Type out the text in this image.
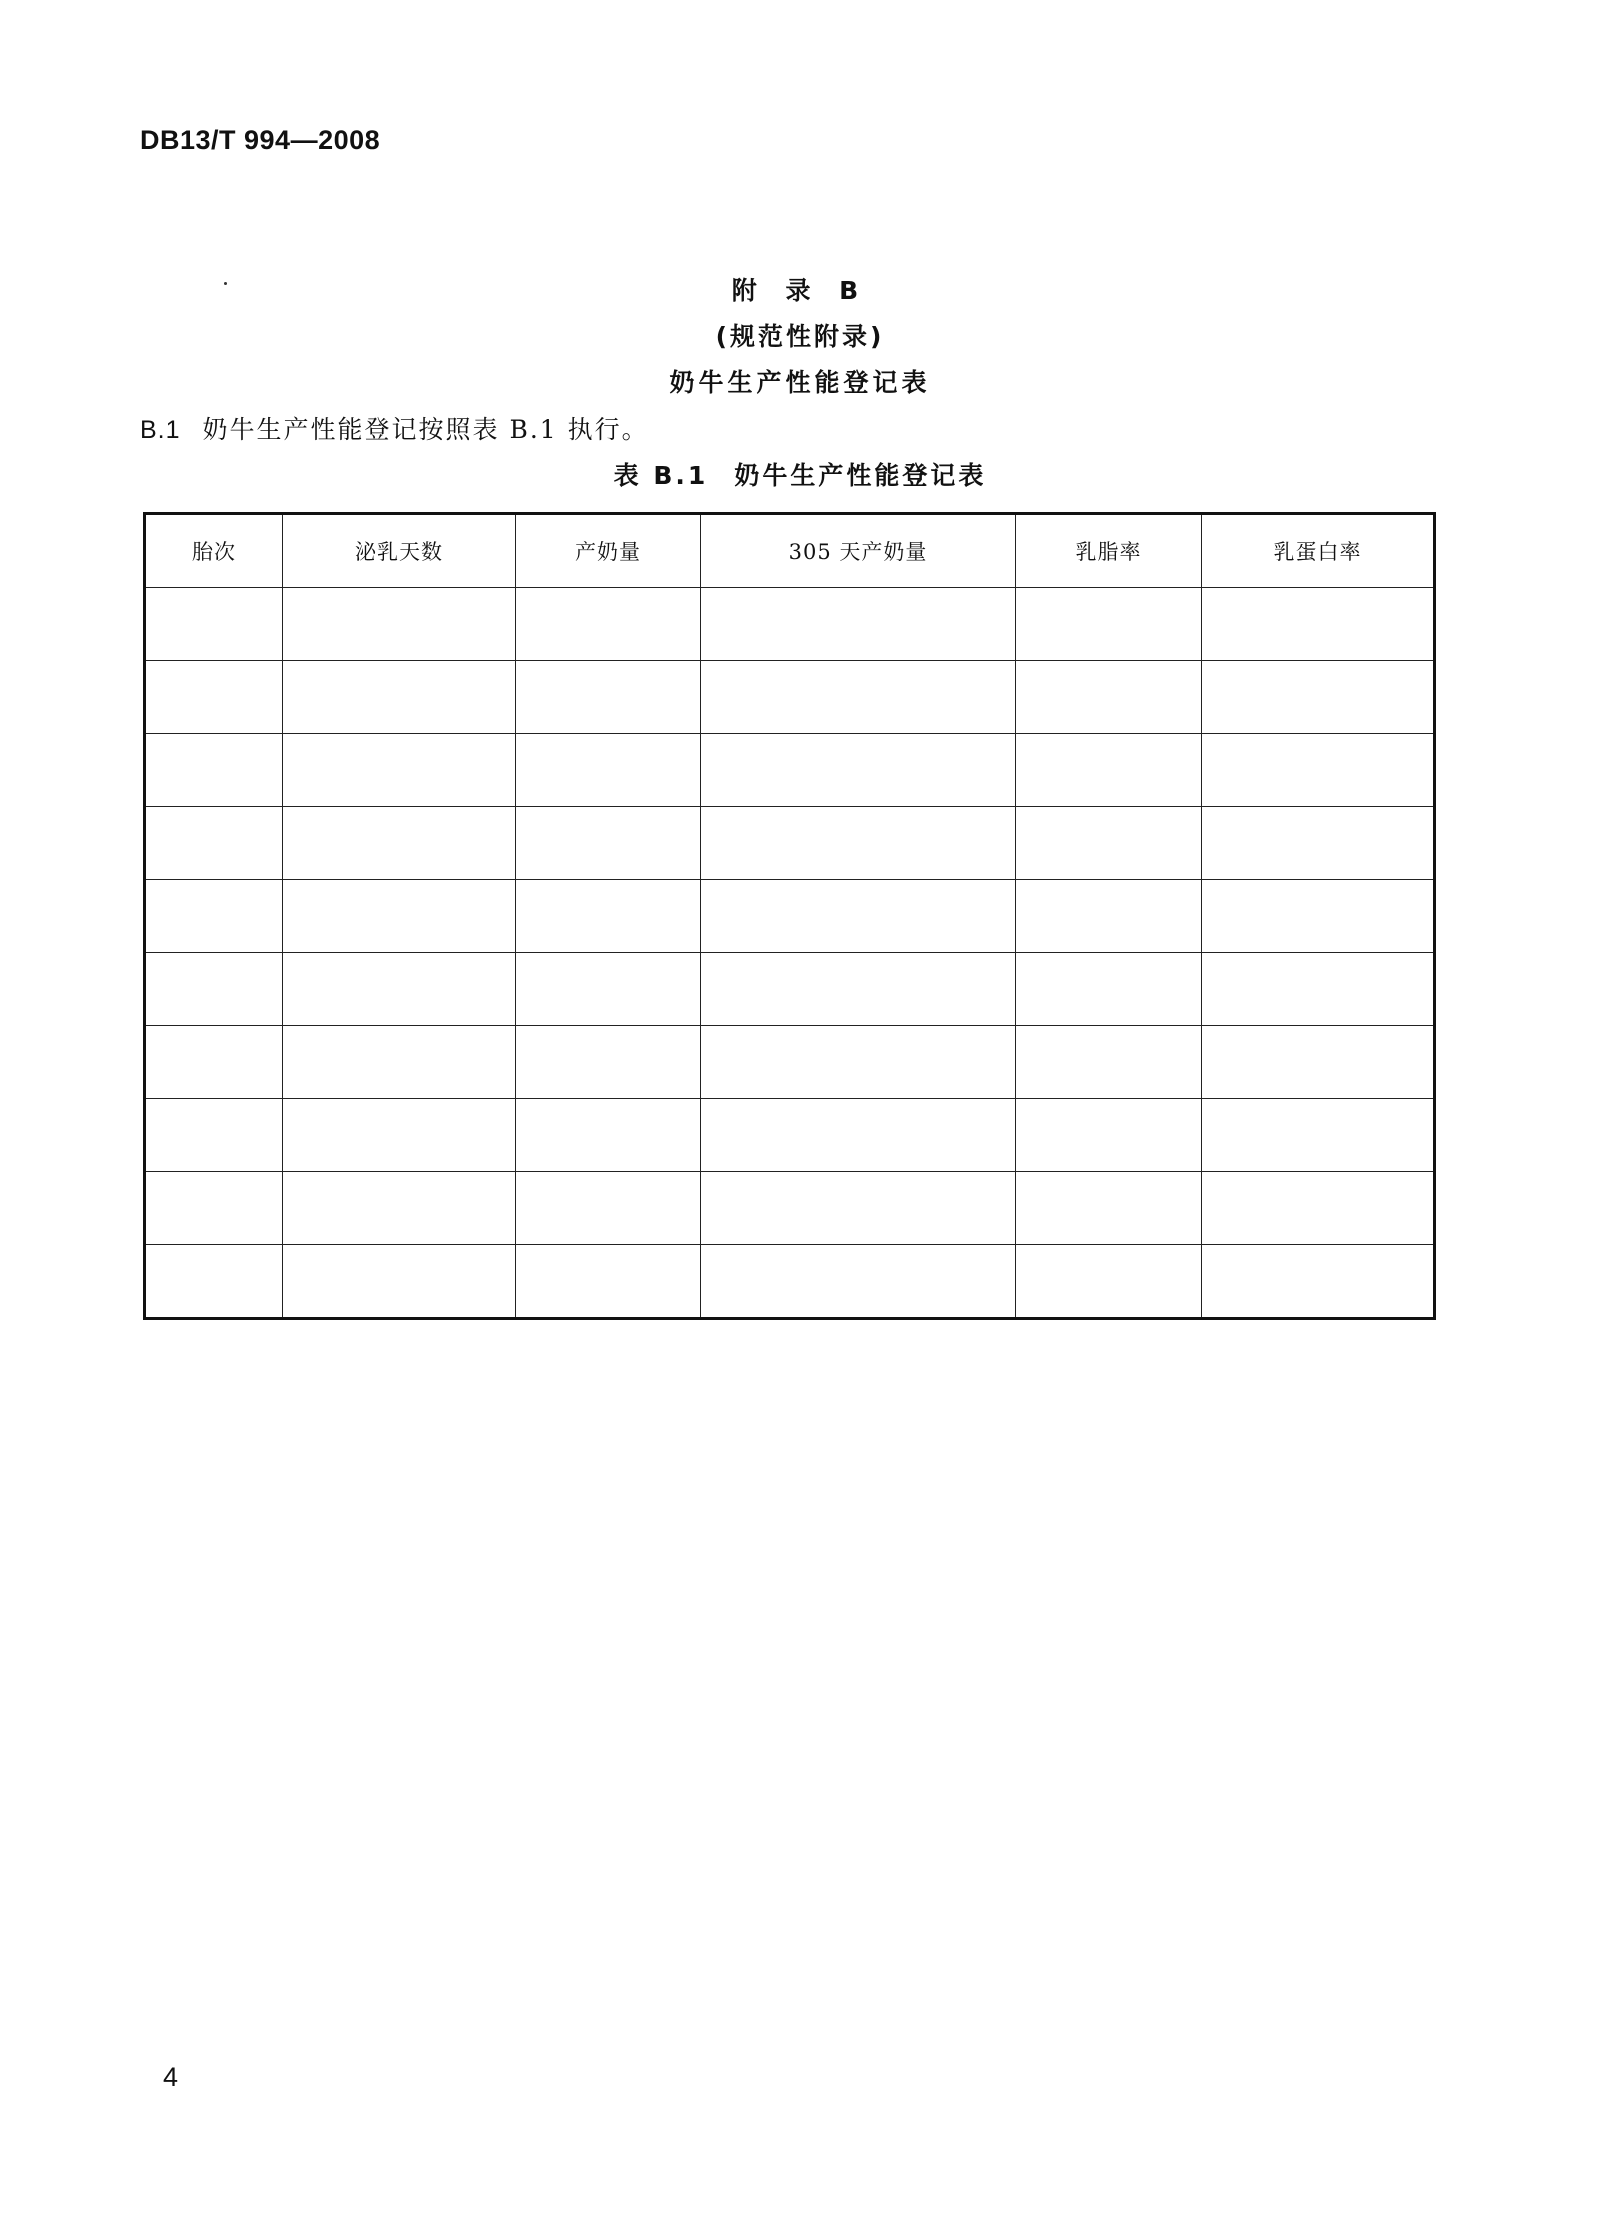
DB13/T 994—2008
附 录 B
(规范性附录)
奶牛生产性能登记表
B.1 奶牛生产性能登记按照表 B.1 执行。
表 B.1 奶牛生产性能登记表
胎次	泌乳天数	产奶量	305 天产奶量	乳脂率	乳蛋白率

4
